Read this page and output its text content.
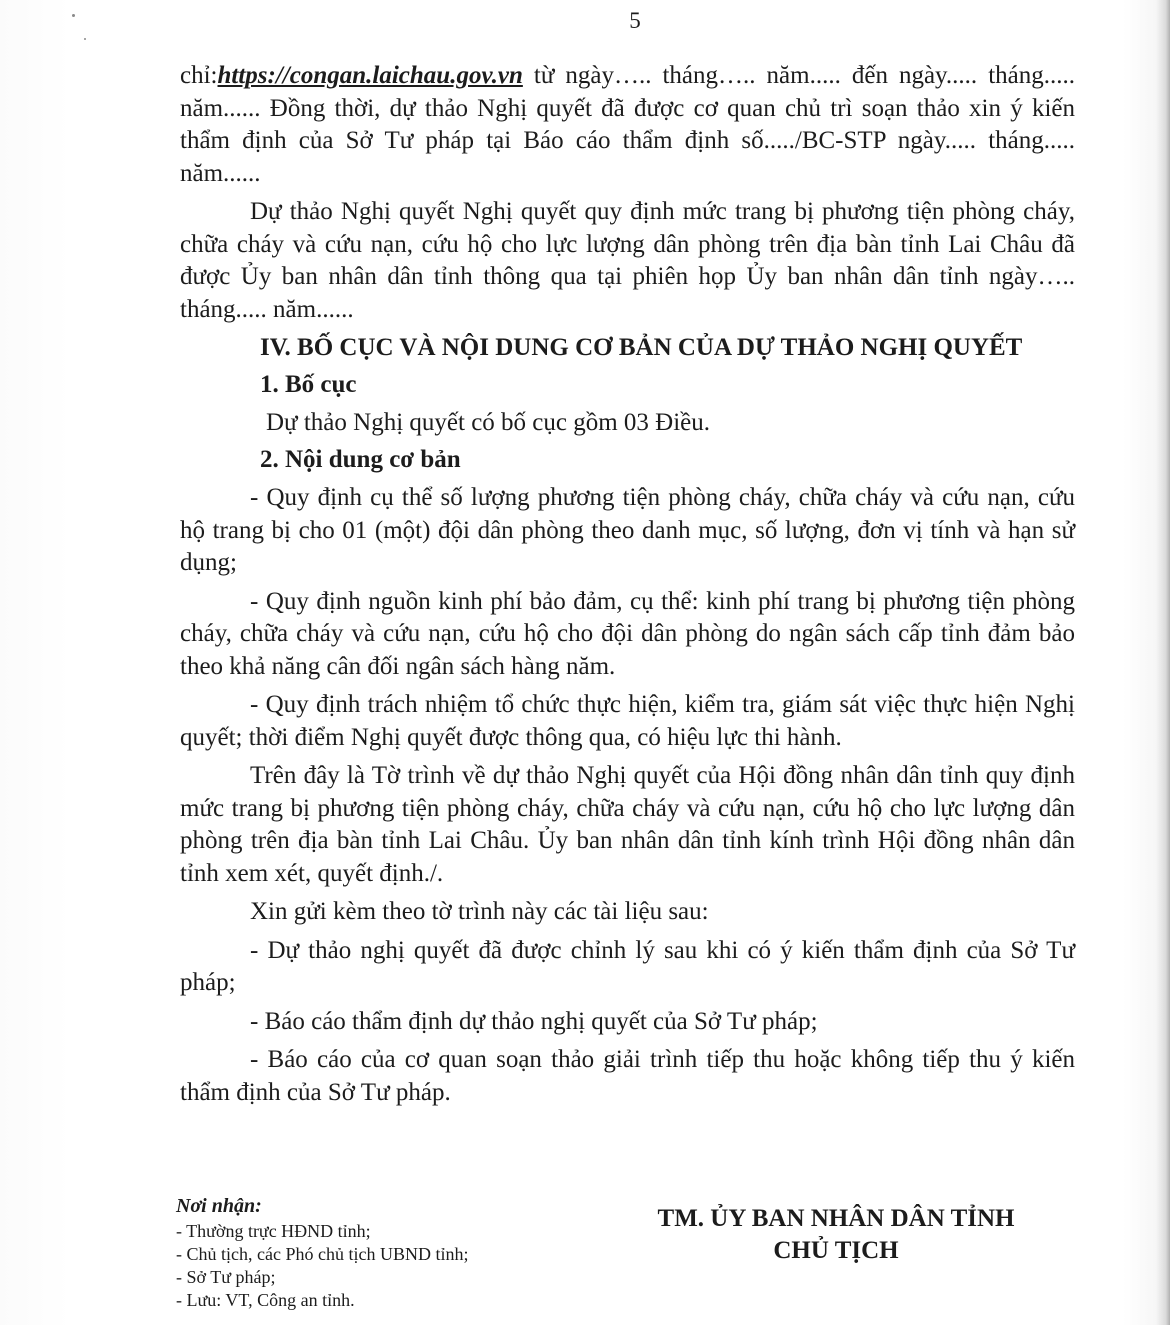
5

chỉ:https://congan.laichau.gov.vn từ ngày….. tháng….. năm..... đến ngày..... tháng..... năm...... Đồng thời, dự thảo Nghị quyết đã được cơ quan chủ trì soạn thảo xin ý kiến thẩm định của Sở Tư pháp tại Báo cáo thẩm định số...../BC-STP ngày..... tháng..... năm......

Dự thảo Nghị quyết Nghị quyết quy định mức trang bị phương tiện phòng cháy, chữa cháy và cứu nạn, cứu hộ cho lực lượng dân phòng trên địa bàn tỉnh Lai Châu đã được Ủy ban nhân dân tỉnh thông qua tại phiên họp Ủy ban nhân dân tỉnh ngày….. tháng..... năm......

IV. BỐ CỤC VÀ NỘI DUNG CƠ BẢN CỦA DỰ THẢO NGHỊ QUYẾT

1. Bố cục

Dự thảo Nghị quyết có bố cục gồm 03 Điều.

2. Nội dung cơ bản

- Quy định cụ thể số lượng phương tiện phòng cháy, chữa cháy và cứu nạn, cứu hộ trang bị cho 01 (một) đội dân phòng theo danh mục, số lượng, đơn vị tính và hạn sử dụng;

- Quy định nguồn kinh phí bảo đảm, cụ thể: kinh phí trang bị phương tiện phòng cháy, chữa cháy và cứu nạn, cứu hộ cho đội dân phòng do ngân sách cấp tỉnh đảm bảo theo khả năng cân đối ngân sách hàng năm.

- Quy định trách nhiệm tổ chức thực hiện, kiểm tra, giám sát việc thực hiện Nghị quyết; thời điểm Nghị quyết được thông qua, có hiệu lực thi hành.

Trên đây là Tờ trình về dự thảo Nghị quyết của Hội đồng nhân dân tỉnh quy định mức trang bị phương tiện phòng cháy, chữa cháy và cứu nạn, cứu hộ cho lực lượng dân phòng trên địa bàn tỉnh Lai Châu. Ủy ban nhân dân tỉnh kính trình Hội đồng nhân dân tỉnh xem xét, quyết định./.

Xin gửi kèm theo tờ trình này các tài liệu sau:

- Dự thảo nghị quyết đã được chỉnh lý sau khi có ý kiến thẩm định của Sở Tư pháp;

- Báo cáo thẩm định dự thảo nghị quyết của Sở Tư pháp;

- Báo cáo của cơ quan soạn thảo giải trình tiếp thu hoặc không tiếp thu ý kiến thẩm định của Sở Tư pháp.

Nơi nhận:
- Thường trực HĐND tỉnh;
- Chủ tịch, các Phó chủ tịch UBND tỉnh;
- Sở Tư pháp;
- Lưu: VT, Công an tỉnh.
TM. ỦY BAN NHÂN DÂN TỈNH
CHỦ TỊCH
